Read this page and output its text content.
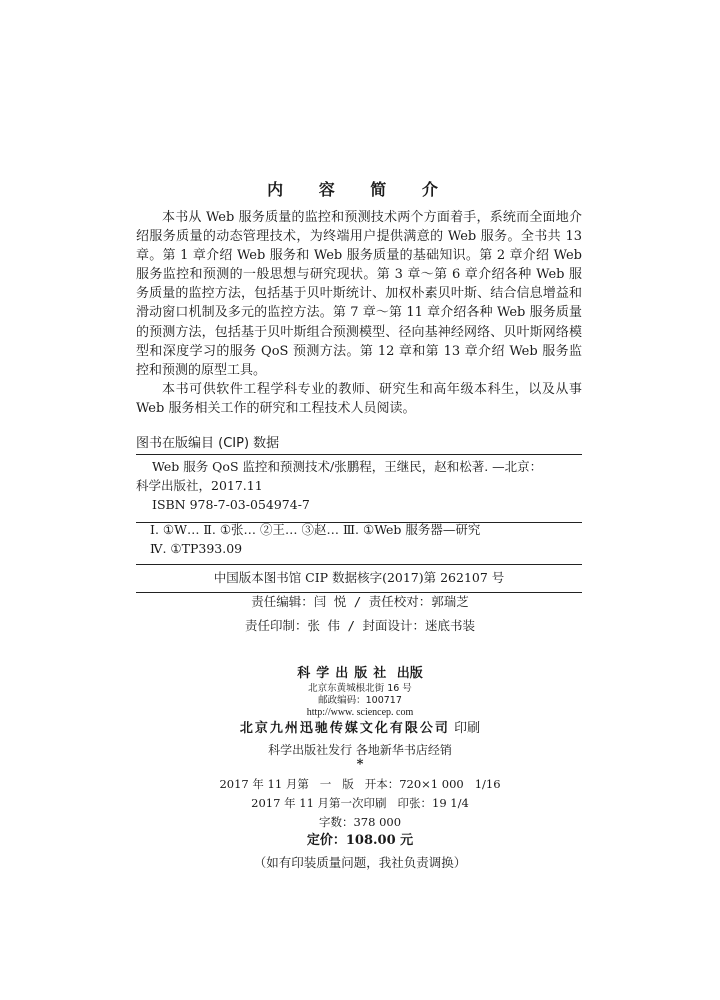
内 容 简 介

本书从 Web 服务质量的监控和预测技术两个方面着手，系统而全面地介绍服务质量的动态管理技术，为终端用户提供满意的 Web 服务。全书共 13 章。第 1 章介绍 Web 服务和 Web 服务质量的基础知识。第 2 章介绍 Web 服务监控和预测的一般思想与研究现状。第 3 章～第 6 章介绍各种 Web 服务质量的监控方法，包括基于贝叶斯统计、加权朴素贝叶斯、结合信息增益和滑动窗口机制及多元的监控方法。第 7 章～第 11 章介绍各种 Web 服务质量的预测方法，包括基于贝叶斯组合预测模型、径向基神经网络、贝叶斯网络模型和深度学习的服务 QoS 预测方法。第 12 章和第 13 章介绍 Web 服务监控和预测的原型工具。

本书可供软件工程学科专业的教师、研究生和高年级本科生，以及从事 Web 服务相关工作的研究和工程技术人员阅读。

图书在版编目 (CIP) 数据
Web 服务 QoS 监控和预测技术/张鹏程，王继民，赵和松著. —北京：
科学出版社，2017.11
ISBN 978-7-03-054974-7
Ⅰ. ①W… Ⅱ. ①张… ②王… ③赵… Ⅲ. ①Web 服务器—研究
Ⅳ. ①TP393.09
中国版本图书馆 CIP 数据核字(2017)第 262107 号
责任编辑：闫 悦 / 责任校对：郭瑞芝
责任印制：张 伟 / 封面设计：迷底书装
科学出版社 出版
北京东黄城根北街 16 号
邮政编码：100717
http://www. sciencep. com
北京九州迅驰传媒文化有限公司 印刷
科学出版社发行 各地新华书店经销
*
2017 年 11 月第   一   版   开本：720×1 000   1/16
2017 年 11 月第一次印刷   印张：19 1/4
字数：378 000
定价：108.00 元
（如有印装质量问题，我社负责调换）
